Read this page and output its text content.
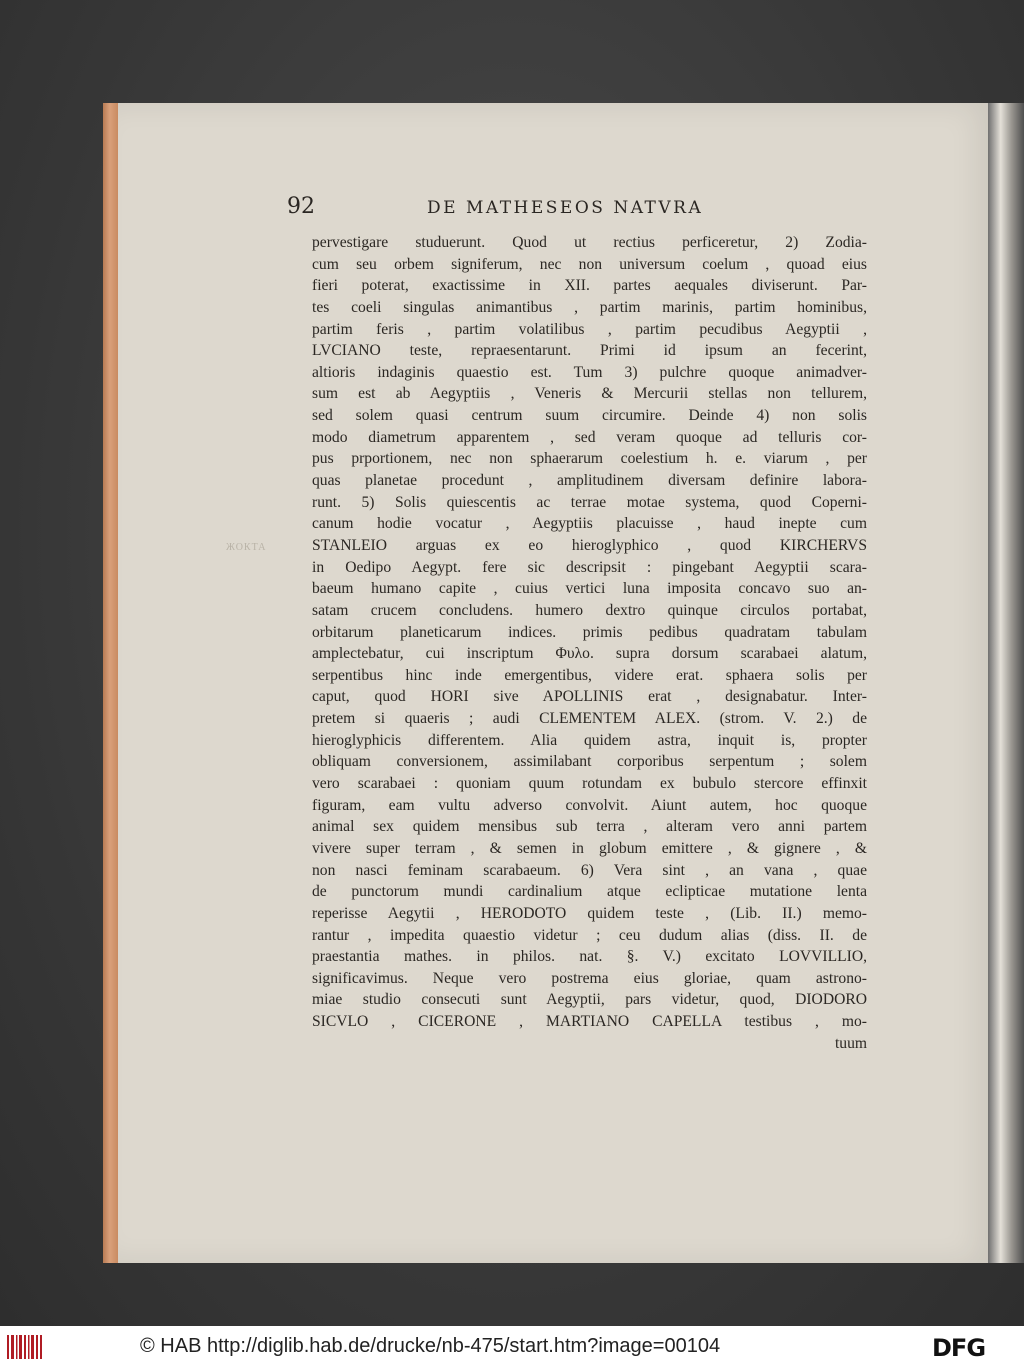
92	DE MATHESEOS NATVRA
ЖОКТА
pervestigare studuerunt. Quod ut rectius perficeretur, 2) Zodia-
cum seu orbem signiferum, nec non universum coelum , quoad eius
fieri poterat, exactissime in XII. partes aequales diviserunt. Par-
tes coeli singulas animantibus , partim marinis, partim hominibus,
partim feris , partim volatilibus , partim pecudibus Aegyptii ,
LVCIANO teste, repraesentarunt. Primi id ipsum an fecerint,
altioris indaginis quaestio est. Tum 3) pulchre quoque animadver-
sum est ab Aegyptiis , Veneris & Mercurii stellas non tellurem,
sed solem quasi centrum suum circumire. Deinde 4) non solis
modo diametrum apparentem , sed veram quoque ad telluris cor-
pus prportionem, nec non sphaerarum coelestium h. e. viarum , per
quas planetae procedunt , amplitudinem diversam definire labora-
runt. 5) Solis quiescentis ac terrae motae systema, quod Coperni-
canum hodie vocatur , Aegyptiis placuisse , haud inepte cum
STANLEIO arguas ex eo hieroglyphico , quod KIRCHERVS
in Oedipo Aegypt. fere sic descripsit : pingebant Aegyptii scara-
baeum humano capite , cuius vertici luna imposita concavo suo an-
satam crucem concludens. humero dextro quinque circulos portabat,
orbitarum planeticarum indices. primis pedibus quadratam tabulam
amplectebatur, cui inscriptum Φυλο. supra dorsum scarabaei alatum,
serpentibus hinc inde emergentibus, videre erat. sphaera solis per
caput, quod HORI sive APOLLINIS erat , designabatur. Inter-
pretem si quaeris ; audi CLEMENTEM ALEX. (strom. V. 2.) de
hieroglyphicis differentem. Alia quidem astra, inquit is, propter
obliquam conversionem, assimilabant corporibus serpentum ; solem
vero scarabaei : quoniam quum rotundam ex bubulo stercore effinxit
figuram, eam vultu adverso convolvit. Aiunt autem, hoc quoque
animal sex quidem mensibus sub terra , alteram vero anni partem
vivere super terram , & semen in globum emittere , & gignere , &
non nasci feminam scarabaeum. 6) Vera sint , an vana , quae
de punctorum mundi cardinalium atque eclipticae mutatione lenta
reperisse Aegytii , HERODOTO quidem teste , (Lib. II.) memo-
rantur , impedita quaestio videtur ; ceu dudum alias (diss. II. de
praestantia mathes. in philos. nat. §. V.) excitato LOVVILLIO,
significavimus. Neque vero postrema eius gloriae, quam astrono-
miae studio consecuti sunt Aegyptii, pars videtur, quod, DIODORO
SICVLO , CICERONE , MARTIANO CAPELLA testibus , mo-
tuum
© HAB http://diglib.hab.de/drucke/nb-475/start.htm?image=00104	DFG
